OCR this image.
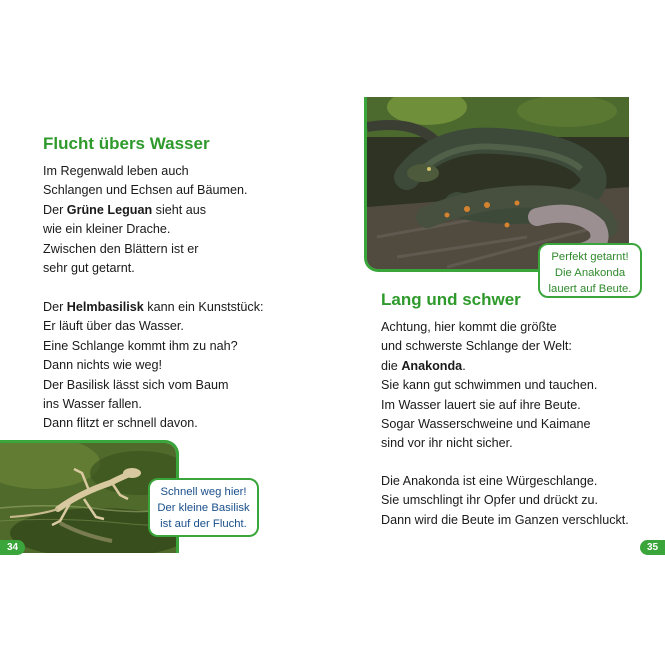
Flucht übers Wasser

Im Regenwald leben auch
Schlangen und Echsen auf Bäumen.
Der Grüne Leguan sieht aus
wie ein kleiner Drache.
Zwischen den Blättern ist er
sehr gut getarnt.

Der Helmbasilisk kann ein Kunststück:
Er läuft über das Wasser.
Eine Schlange kommt ihm zu nah?
Dann nichts wie weg!
Der Basilisk lässt sich vom Baum
ins Wasser fallen.
Dann flitzt er schnell davon.

Schnell weg hier!
Der kleine Basilisk
ist auf der Flucht.
34
Perfekt getarnt!
Die Anakonda
lauert auf Beute.
Lang und schwer

Achtung, hier kommt die größte
und schwerste Schlange der Welt:
die Anakonda.
Sie kann gut schwimmen und tauchen.
Im Wasser lauert sie auf ihre Beute.
Sogar Wasserschweine und Kaimane
sind vor ihr nicht sicher.

Die Anakonda ist eine Würgeschlange.
Sie umschlingt ihr Opfer und drückt zu.
Dann wird die Beute im Ganzen verschluckt.

35
